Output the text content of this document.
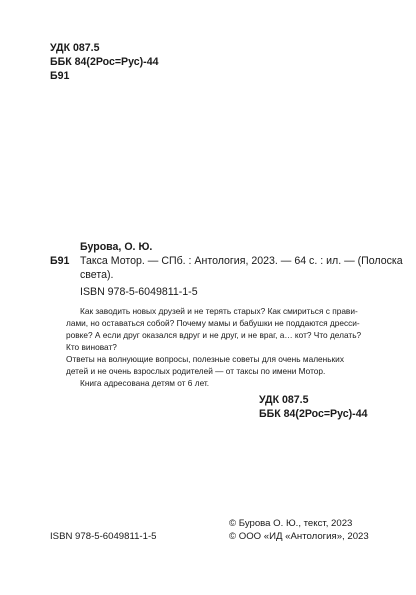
УДК 087.5
ББК 84(2Рос=Рус)-44
Б91
Бурова, О. Ю.
Б91 Такса Мотор. — СПб. : Антология, 2023. — 64 с. : ил. — (Полоска
света).
ISBN 978-5-6049811-1-5
Как заводить новых друзей и не терять старых? Как смириться с прави-
лами, но оставаться собой? Почему мамы и бабушки не поддаются дресси-
ровке? А если друг оказался вдруг и не друг, и не враг, а… кот? Что делать?
Кто виноват?
Ответы на волнующие вопросы, полезные советы для очень маленьких
детей и не очень взрослых родителей — от таксы по имени Мотор.
Книга адресована детям от 6 лет.
УДК 087.5
ББК 84(2Рос=Рус)-44
ISBN 978-5-6049811-1-5
© Бурова О. Ю., текст, 2023
© ООО «ИД «Антология», 2023
